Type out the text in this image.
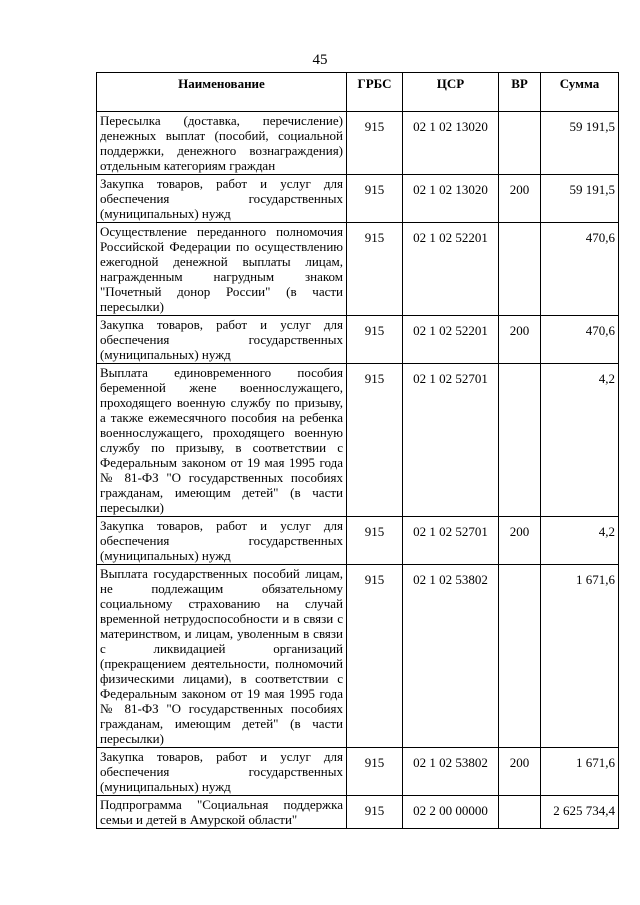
45
Наименование	ГРБС	ЦСР	ВР	Сумма
Пересылка (доставка, перечисление) денежных выплат (пособий, социальной поддержки, денежного вознаграждения) отдельным категориям граждан	915	02 1 02 13020		59 191,5
Закупка товаров, работ и услуг для обеспечения государственных (муниципальных) нужд	915	02 1 02 13020	200	59 191,5
Осуществление переданного полномочия Российской Федерации по осуществлению ежегодной денежной выплаты лицам, награжденным нагрудным знаком "Почетный донор России" (в части пересылки)	915	02 1 02 52201		470,6
Закупка товаров, работ и услуг для обеспечения государственных (муниципальных) нужд	915	02 1 02 52201	200	470,6
Выплата единовременного пособия беременной жене военнослужащего, проходящего военную службу по призыву, а также ежемесячного пособия на ребенка военнослужащего, проходящего военную службу по призыву, в соответствии с Федеральным законом от 19 мая 1995 года № 81-ФЗ "О государственных пособиях гражданам, имеющим детей" (в части пересылки)	915	02 1 02 52701		4,2
Закупка товаров, работ и услуг для обеспечения государственных (муниципальных) нужд	915	02 1 02 52701	200	4,2
Выплата государственных пособий лицам, не подлежащим обязательному социальному страхованию на случай временной нетрудоспособности и в связи с материнством, и лицам, уволенным в связи с ликвидацией организаций (прекращением деятельности, полномочий физическими лицами), в соответствии с Федеральным законом от 19 мая 1995 года № 81-ФЗ "О государственных пособиях гражданам, имеющим детей" (в части пересылки)	915	02 1 02 53802		1 671,6
Закупка товаров, работ и услуг для обеспечения государственных (муниципальных) нужд	915	02 1 02 53802	200	1 671,6
Подпрограмма "Социальная поддержка семьи и детей в Амурской области"	915	02 2 00 00000		2 625 734,4
